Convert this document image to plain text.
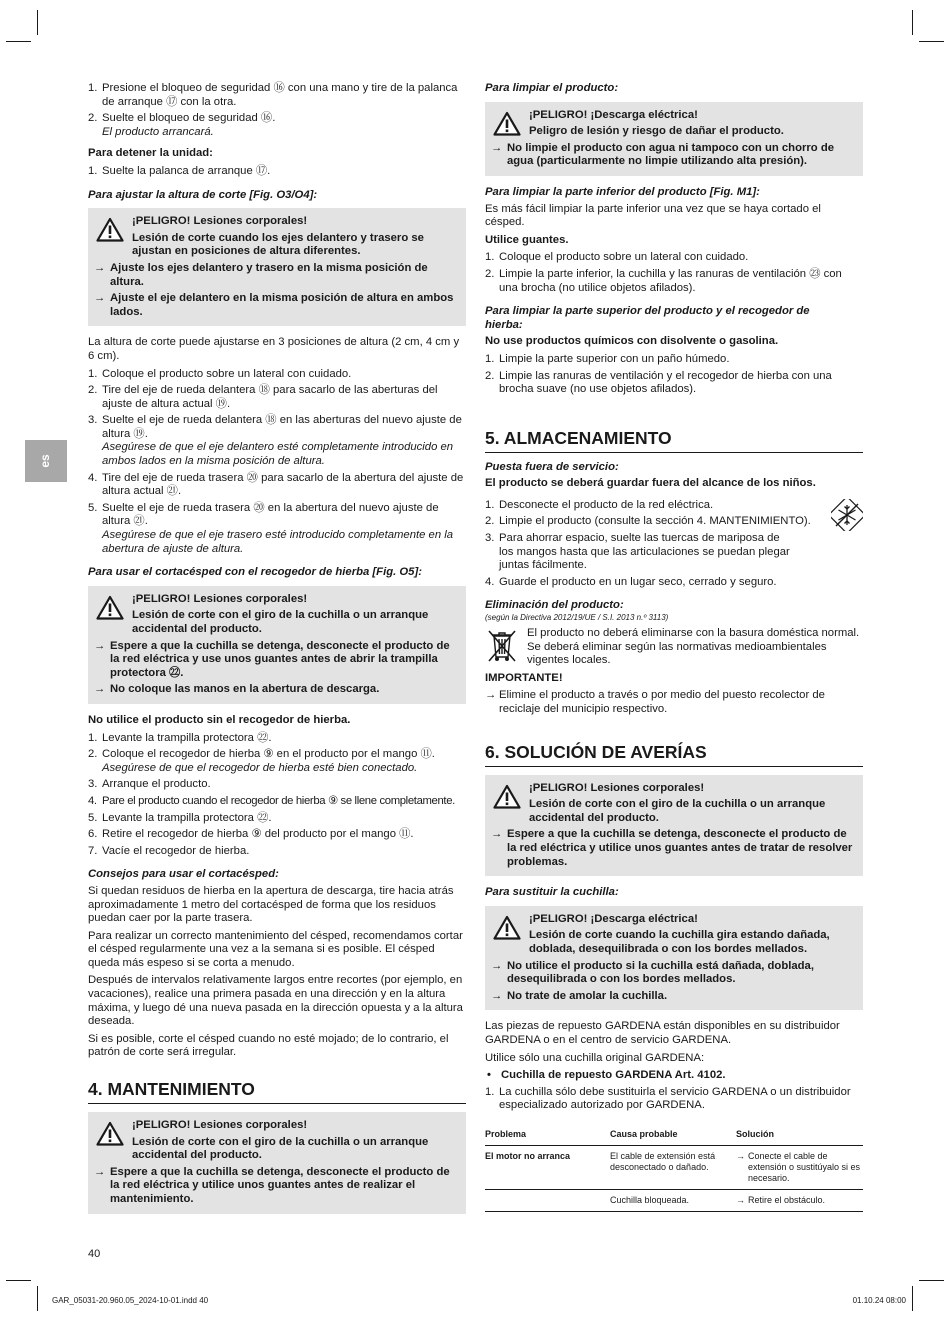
es
1. Presione el bloqueo de seguridad ⑯ con una mano y tire de la palanca de arranque ⑰ con la otra.
2. Suelte el bloqueo de seguridad ⑯.
El producto arrancará.

Para detener la unidad:

1. Suelte la palanca de arranque ⑰.

Para ajustar la altura de corte [Fig. O3/O4]:

¡PELIGRO! Lesiones corporales!
Lesión de corte cuando los ejes delantero y trasero se ajustan en posiciones de altura diferentes.
→ Ajuste los ejes delantero y trasero en la misma posición de altura.
→ Ajuste el eje delantero en la misma posición de altura en ambos lados.

La altura de corte puede ajustarse en 3 posiciones de altura (2 cm, 4 cm y 6 cm).

1. Coloque el producto sobre un lateral con cuidado.
2. Tire del eje de rueda delantera ⑱ para sacarlo de las aberturas del ajuste de altura actual ⑲.
3. Suelte el eje de rueda delantera ⑱ en las aberturas del nuevo ajuste de altura ⑲.
Asegúrese de que el eje delantero esté completamente introducido en ambos lados en la misma posición de altura.
4. Tire del eje de rueda trasera ⑳ para sacarlo de la abertura del ajuste de altura actual ㉑.
5. Suelte el eje de rueda trasera ⑳ en la abertura del nuevo ajuste de altura ㉑.
Asegúrese de que el eje trasero esté introducido completamente en la abertura de ajuste de altura.

Para usar el cortacésped con el recogedor de hierba [Fig. O5]:

¡PELIGRO! Lesiones corporales!
Lesión de corte con el giro de la cuchilla o un arranque accidental del producto.
→ Espere a que la cuchilla se detenga, desconecte el producto de la red eléctrica y use unos guantes antes de abrir la trampilla protectora ㉒.
→ No coloque las manos en la abertura de descarga.

No utilice el producto sin el recogedor de hierba.

1. Levante la trampilla protectora ㉒.
2. Coloque el recogedor de hierba ⑨ en el producto por el mango ⑪.
Asegúrese de que el recogedor de hierba esté bien conectado.
3. Arranque el producto.
4. Pare el producto cuando el recogedor de hierba ⑨ se llene completamente.
5. Levante la trampilla protectora ㉒.
6. Retire el recogedor de hierba ⑨ del producto por el mango ⑪.
7. Vacíe el recogedor de hierba.

Consejos para usar el cortacésped:

Si quedan residuos de hierba en la apertura de descarga, tire hacia atrás aproximadamente 1 metro del cortacésped de forma que los residuos puedan caer por la parte trasera.

Para realizar un correcto mantenimiento del césped, recomendamos cortar el césped regularmente una vez a la semana si es posible. El césped queda más espeso si se corta a menudo.

Después de intervalos relativamente largos entre recortes (por ejemplo, en vacaciones), realice una primera pasada en una dirección y en la altura máxima, y luego dé una nueva pasada en la dirección opuesta y a la altura deseada.

Si es posible, corte el césped cuando no esté mojado; de lo contrario, el patrón de corte será irregular.

4. MANTENIMIENTO
¡PELIGRO! Lesiones corporales!
Lesión de corte con el giro de la cuchilla o un arranque accidental del producto.
→ Espere a que la cuchilla se detenga, desconecte el producto de la red eléctrica y utilice unos guantes antes de realizar el mantenimiento.

Para limpiar el producto:

¡PELIGRO! ¡Descarga eléctrica!
Peligro de lesión y riesgo de dañar el producto.
→ No limpie el producto con agua ni tampoco con un chorro de agua (particularmente no limpie utilizando alta presión).

Para limpiar la parte inferior del producto [Fig. M1]:

Es más fácil limpiar la parte inferior una vez que se haya cortado el césped.

Utilice guantes.

1. Coloque el producto sobre un lateral con cuidado.
2. Limpie la parte inferior, la cuchilla y las ranuras de ventilación ㉓ con una brocha (no utilice objetos afilados).

Para limpiar la parte superior del producto y el recogedor de hierba:

No use productos químicos con disolvente o gasolina.

1. Limpie la parte superior con un paño húmedo.
2. Limpie las ranuras de ventilación y el recogedor de hierba con una brocha suave (no use objetos afilados).
5. ALMACENAMIENTO

Puesta fuera de servicio:

El producto se deberá guardar fuera del alcance de los niños.

1. Desconecte el producto de la red eléctrica.
2. Limpie el producto (consulte la sección 4. MANTENIMIENTO).
3. Para ahorrar espacio, suelte las tuercas de mariposa de los mangos hasta que las articulaciones se puedan plegar juntas fácilmente.
4. Guarde el producto en un lugar seco, cerrado y seguro.

Eliminación del producto:

(según la Directiva 2012/19/UE / S.I. 2013 n.º 3113)

El producto no deberá eliminarse con la basura doméstica normal. Se deberá eliminar según las normativas medioambientales vigentes locales.

IMPORTANTE!

→ Elimine el producto a través o por medio del puesto recolector de reciclaje del municipio respectivo.
6. SOLUCIÓN DE AVERÍAS
¡PELIGRO! Lesiones corporales!
Lesión de corte con el giro de la cuchilla o un arranque accidental del producto.
→ Espere a que la cuchilla se detenga, desconecte el producto de la red eléctrica y utilice unos guantes antes de tratar de resolver problemas.

Para sustituir la cuchilla:

¡PELIGRO! ¡Descarga eléctrica!
Lesión de corte cuando la cuchilla gira estando dañada, doblada, desequilibrada o con los bordes mellados.
→ No utilice el producto si la cuchilla está dañada, doblada, desequilibrada o con los bordes mellados.
→ No trate de amolar la cuchilla.

Las piezas de repuesto GARDENA están disponibles en su distribuidor GARDENA o en el centro de servicio GARDENA.

Utilice sólo una cuchilla original GARDENA:

• Cuchilla de repuesto GARDENA Art. 4102.
1. La cuchilla sólo debe sustituirla el servicio GARDENA o un distribuidor especializado autorizado por GARDENA.
Problema	Causa probable	Solución
El motor no arranca	El cable de extensión está desconectado o dañado.	→ Conecte el cable de extensión o sustitúyalo si es necesario.

	Cuchilla bloqueada.	→ Retire el obstáculo.
40
GAR_05031-20.960.05_2024-10-01.indd 40	01.10.24 08:00
